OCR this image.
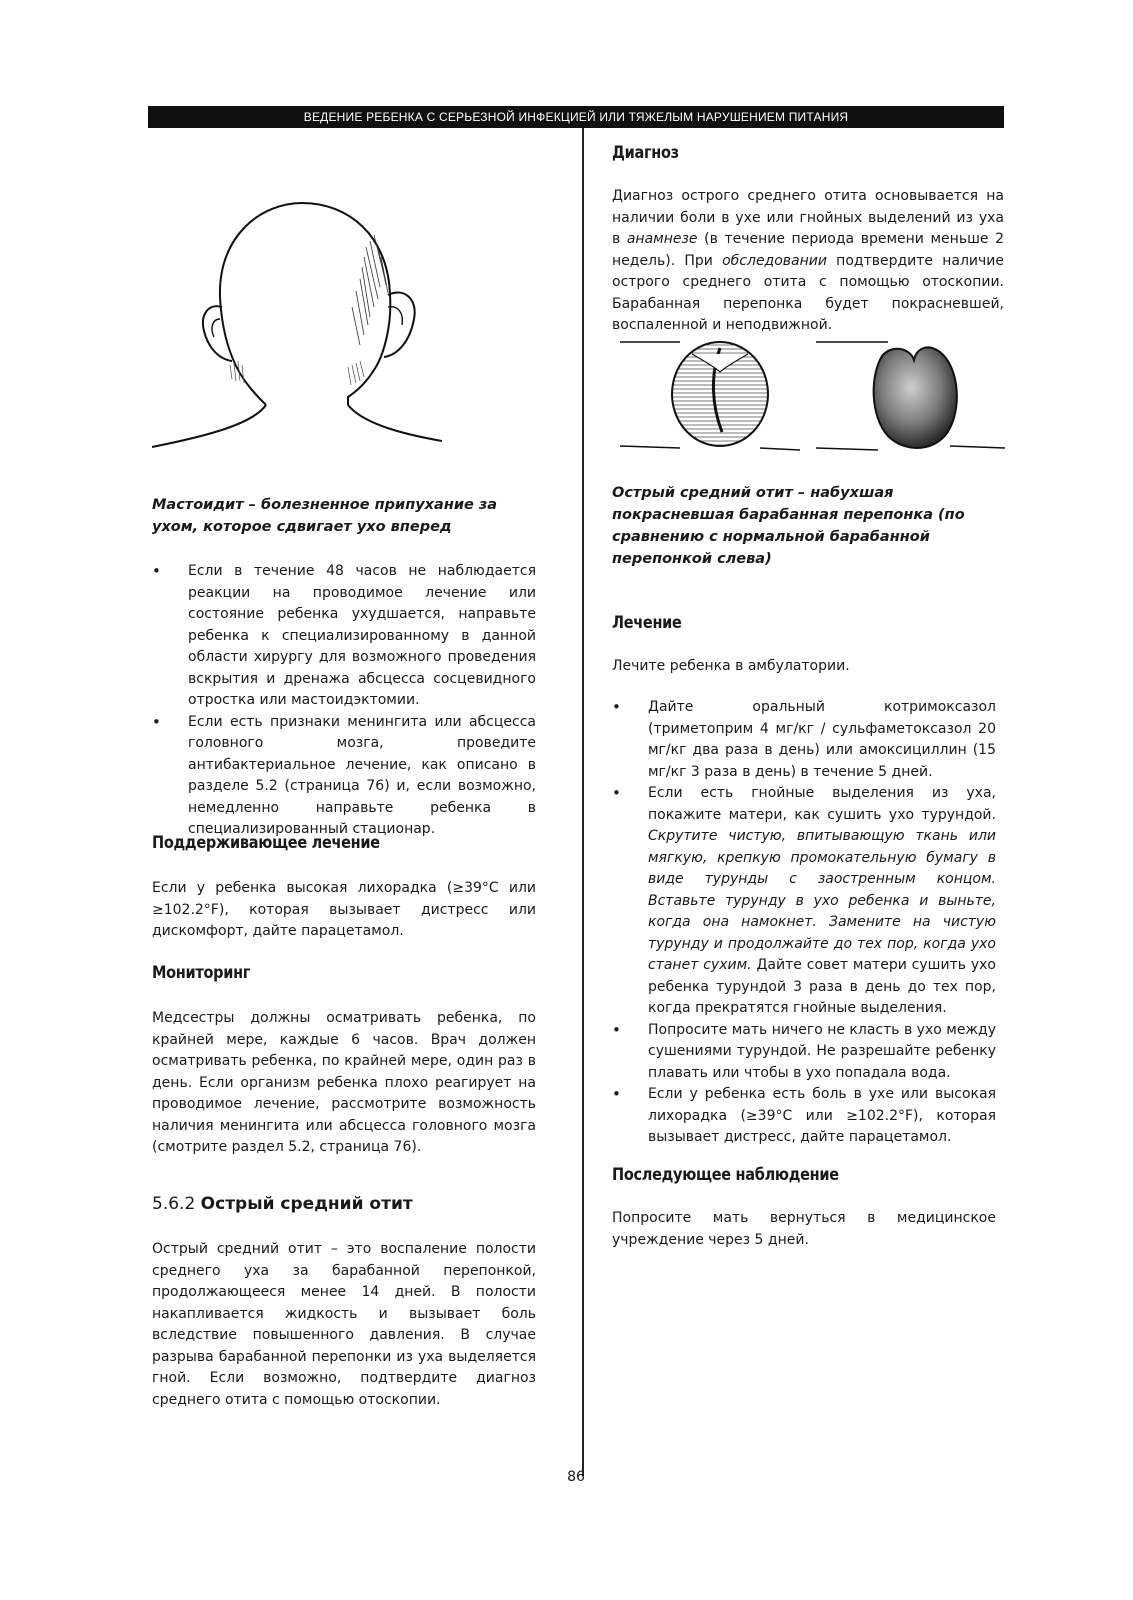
ВЕДЕНИЕ РЕБЕНКА С СЕРЬЕЗНОЙ ИНФЕКЦИЕЙ ИЛИ ТЯЖЕЛЫМ НАРУШЕНИЕМ ПИТАНИЯ

Мастоидит – болезненное припухание за ухом, которое сдвигает ухо вперед

• Если в течение 48 часов не наблюдается реакции на проводимое лечение или состояние ребенка ухудшается, направьте ребенка к специализированному в данной области хирургу для возможного проведения вскрытия и дренажа абсцесса сосцевидного отростка или мастоидэктомии.
• Если есть признаки менингита или абсцесса головного мозга, проведите антибактериальное лечение, как описано в разделе 5.2 (страница 76) и, если возможно, немедленно направьте ребенка в специализированный стационар.

Поддерживающее лечение

Если у ребенка высокая лихорадка (≥39°C или ≥102.2°F), которая вызывает дистресс или дискомфорт, дайте парацетамол.

Мониторинг

Медсестры должны осматривать ребенка, по крайней мере, каждые 6 часов. Врач должен осматривать ребенка, по крайней мере, один раз в день. Если организм ребенка плохо реагирует на проводимое лечение, рассмотрите возможность наличия менингита или абсцесса головного мозга (смотрите раздел 5.2, страница 76).

5.6.2 Острый средний отит

Острый средний отит – это воспаление полости среднего уха за барабанной перепонкой, продолжающееся менее 14 дней. В полости накапливается жидкость и вызывает боль вследствие повышенного давления. В случае разрыва барабанной перепонки из уха выделяется гной. Если возможно, подтвердите диагноз среднего отита с помощью отоскопии.

Диагноз

Диагноз острого среднего отита основывается на наличии боли в ухе или гнойных выделений из уха в анамнезе (в течение периода времени меньше 2 недель). При обследовании подтвердите наличие острого среднего отита с помощью отоскопии. Барабанная перепонка будет покрасневшей, воспаленной и неподвижной.

Острый средний отит – набухшая покрасневшая барабанная перепонка (по сравнению с нормальной барабанной перепонкой слева)

Лечение

Лечите ребенка в амбулатории.

• Дайте оральный котримоксазол (триметоприм 4 мг/кг / сульфаметоксазол 20 мг/кг два раза в день) или амоксициллин (15 мг/кг 3 раза в день) в течение 5 дней.
• Если есть гнойные выделения из уха, покажите матери, как сушить ухо турундой. Скрутите чистую, впитывающую ткань или мягкую, крепкую промокательную бумагу в виде турунды с заостренным концом. Вставьте турунду в ухо ребенка и выньте, когда она намокнет. Замените на чистую турунду и продолжайте до тех пор, когда ухо станет сухим. Дайте совет матери сушить ухо ребенка турундой 3 раза в день до тех пор, когда прекратятся гнойные выделения.
• Попросите мать ничего не класть в ухо между сушениями турундой. Не разрешайте ребенку плавать или чтобы в ухо попадала вода.
• Если у ребенка есть боль в ухе или высокая лихорадка (≥39°C или ≥102.2°F), которая вызывает дистресс, дайте парацетамол.

Последующее наблюдение

Попросите мать вернуться в медицинское учреждение через 5 дней.

86
